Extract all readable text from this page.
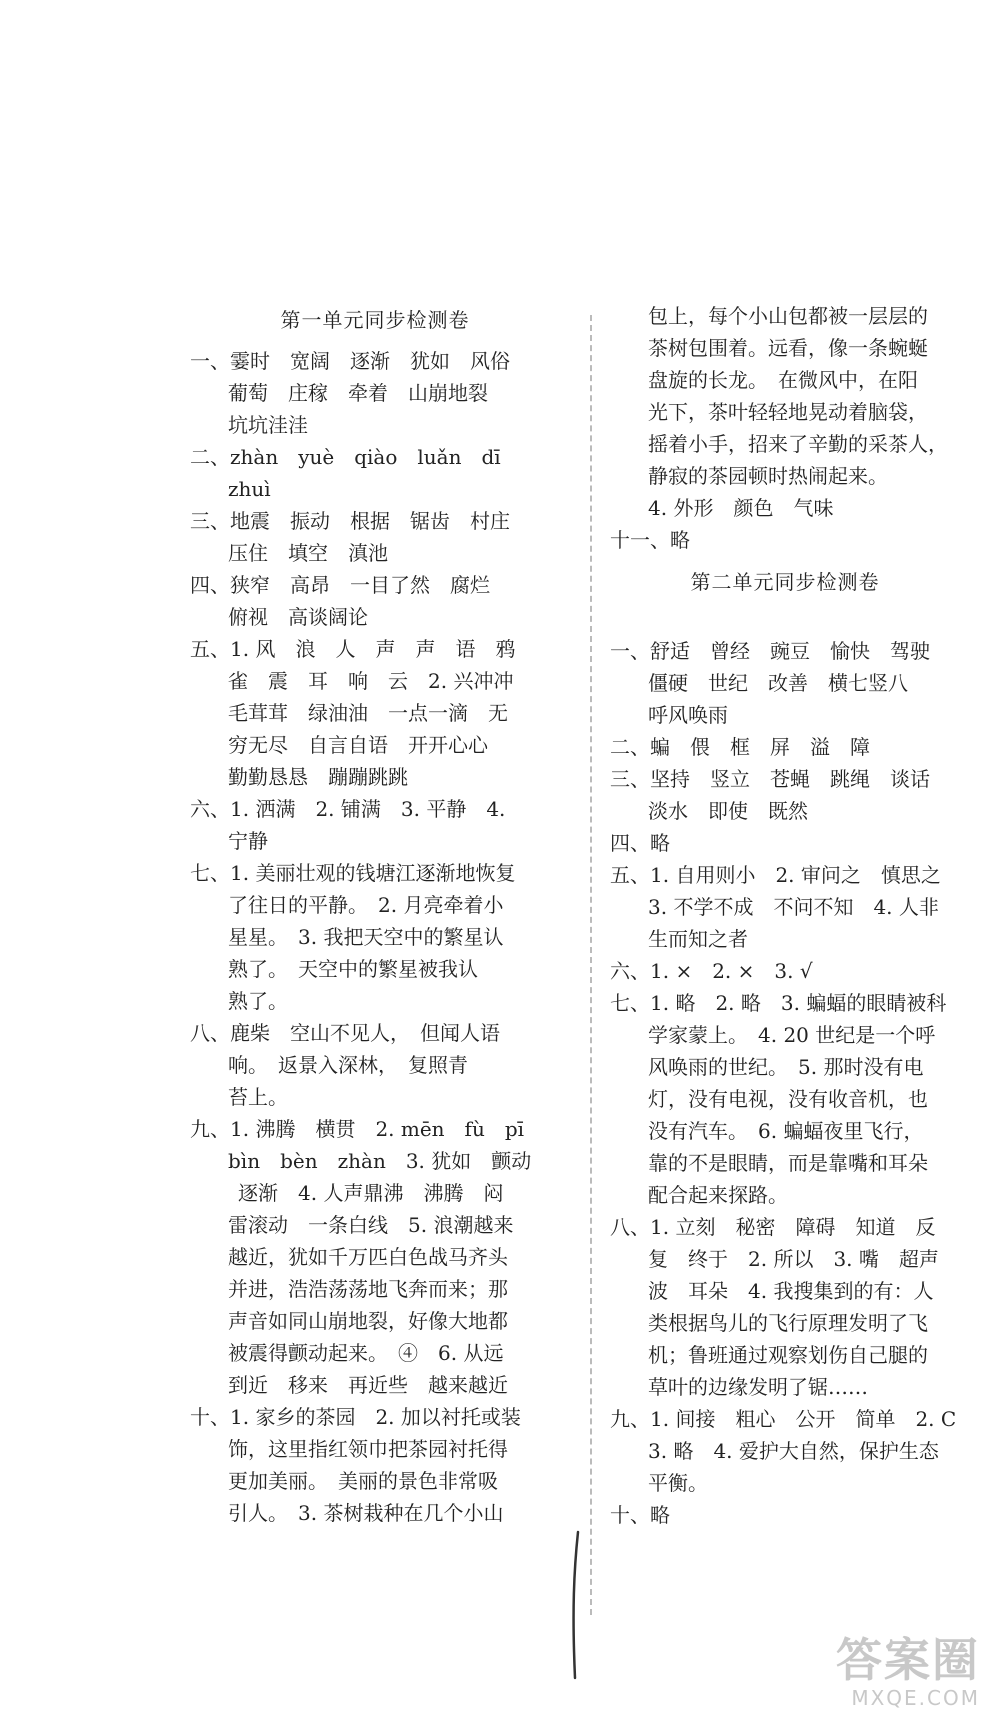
第一单元同步检测卷
一、霎时　宽阔　逐渐　犹如　风俗
葡萄　庄稼　牵着　山崩地裂
坑坑洼洼
二、zhàn　yuè　qiào　luǎn　dī
zhuì
三、地震　振动　根据　锯齿　村庄
压住　填空　滇池
四、狭窄　高昂　一目了然　腐烂
俯视　高谈阔论
五、1. 风　浪　人　声　声　语　鸦
雀　震　耳　响　云　2. 兴冲冲
毛茸茸　绿油油　一点一滴　无
穷无尽　自言自语　开开心心
勤勤恳恳　蹦蹦跳跳
六、1. 洒满　2. 铺满　3. 平静　4.
宁静
七、1. 美丽壮观的钱塘江逐渐地恢复
了往日的平静。　2. 月亮牵着小
星星。　3. 我把天空中的繁星认
熟了。　天空中的繁星被我认
熟了。
八、鹿柴　空山不见人，　但闻人语
响。　返景入深林，　复照青
苔上。
九、1. 沸腾　横贯　2. mēn　fù　pī
bìn　bèn　zhàn　3. 犹如　颤动
逐渐　4. 人声鼎沸　沸腾　闷
雷滚动　一条白线　5. 浪潮越来
越近，犹如千万匹白色战马齐头
并进，浩浩荡荡地飞奔而来；那
声音如同山崩地裂，好像大地都
被震得颤动起来。　④　6. 从远
到近　移来　再近些　越来越近
十、1. 家乡的茶园　2. 加以衬托或装
饰，这里指红领巾把茶园衬托得
更加美丽。　美丽的景色非常吸
引人。　3. 茶树栽种在几个小山
包上，每个小山包都被一层层的
茶树包围着。远看，像一条蜿蜒
盘旋的长龙。　在微风中，在阳
光下，茶叶轻轻地晃动着脑袋，
摇着小手，招来了辛勤的采茶人，
静寂的茶园顿时热闹起来。
4. 外形　颜色　气味
十一、略
第二单元同步检测卷
一、舒适　曾经　豌豆　愉快　驾驶
僵硬　世纪　改善　横七竖八
呼风唤雨
二、蝙　偎　框　屏　溢　障
三、坚持　竖立　苍蝇　跳绳　谈话
淡水　即使　既然
四、略
五、1. 自用则小　2. 审问之　慎思之
3. 不学不成　不问不知　4. 人非
生而知之者
六、1. ×　2. ×　3. √
七、1. 略　2. 略　3. 蝙蝠的眼睛被科
学家蒙上。　4. 20 世纪是一个呼
风唤雨的世纪。　5. 那时没有电
灯，没有电视，没有收音机，也
没有汽车。　6. 蝙蝠夜里飞行，
靠的不是眼睛，而是靠嘴和耳朵
配合起来探路。
八、1. 立刻　秘密　障碍　知道　反
复　终于　2. 所以　3. 嘴　超声
波　耳朵　4. 我搜集到的有：人
类根据鸟儿的飞行原理发明了飞
机；鲁班通过观察划伤自己腿的
草叶的边缘发明了锯……
九、1. 间接　粗心　公开　简单　2. C
3. 略　4. 爱护大自然，保护生态
平衡。
十、略
答案圈
MXQE.COM
